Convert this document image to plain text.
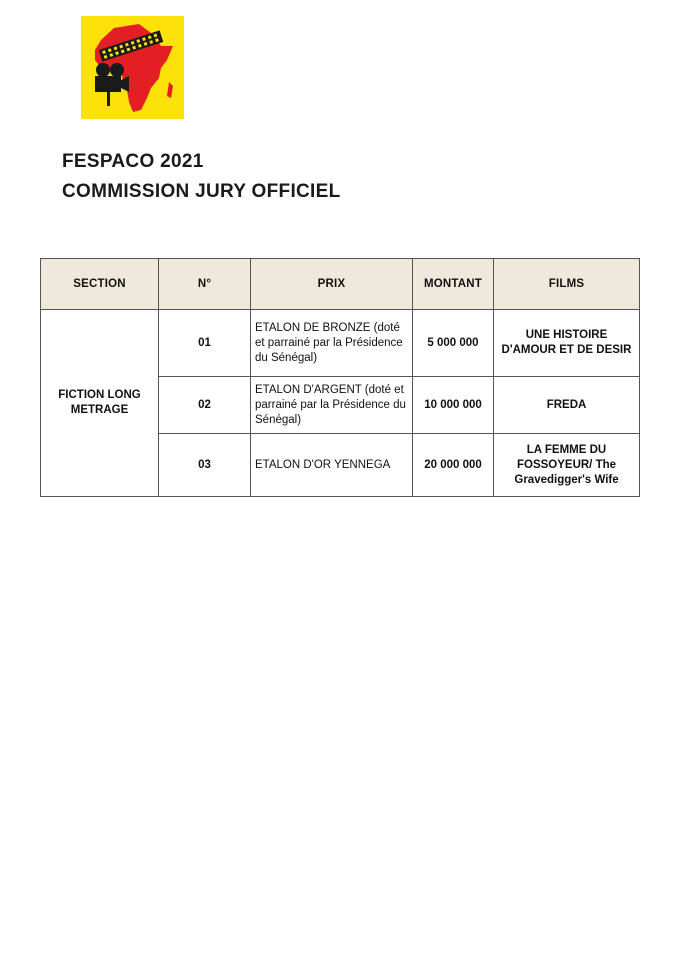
FESPACO 2021
COMMISSION JURY OFFICIEL
SECTION	N°	PRIX	MONTANT	FILMS
FICTION LONG METRAGE	01	ETALON DE BRONZE (doté et parrainé par la Présidence du Sénégal)	5 000 000	UNE HISTOIRE D'AMOUR ET DE DESIR
	02	ETALON D'ARGENT (doté et parrainé par la Présidence du Sénégal)	10 000 000	FREDA
	03	ETALON D'OR YENNEGA	20 000 000	LA FEMME DU FOSSOYEUR/ The Gravedigger's Wife
